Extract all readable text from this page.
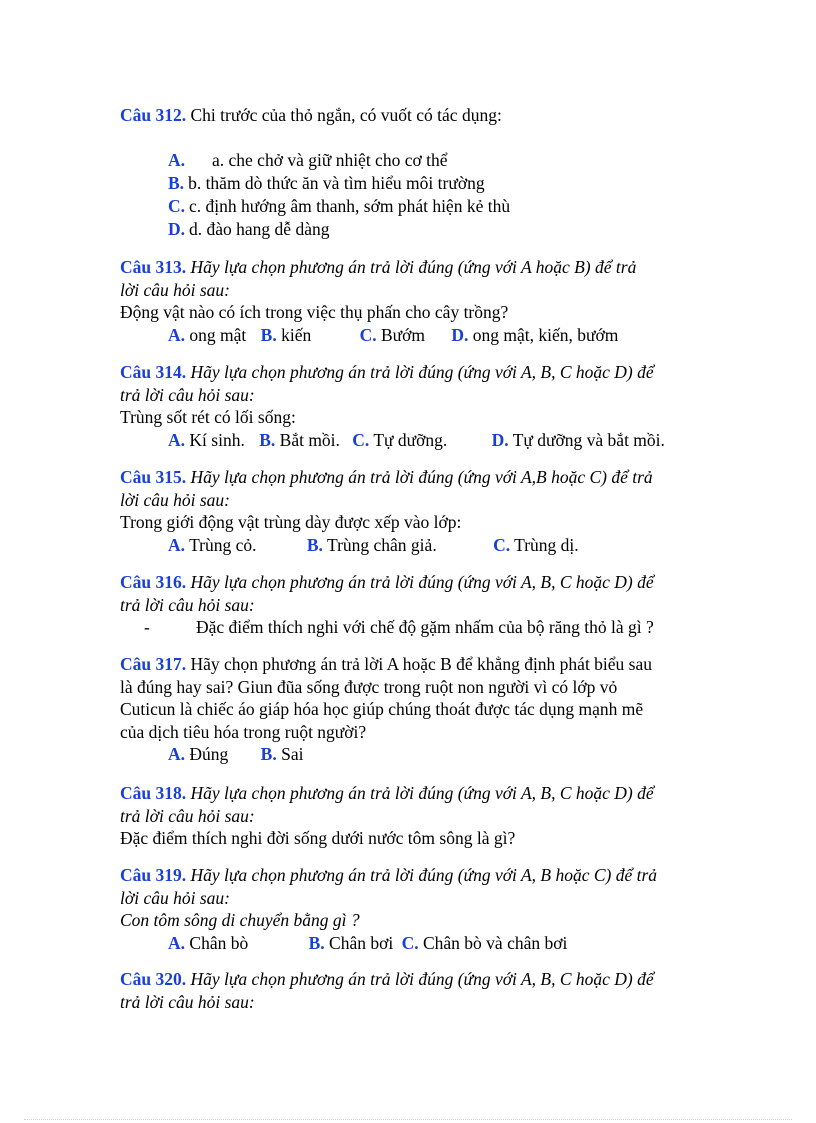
Câu 312. Chi trước của thỏ ngắn, có vuốt có tác dụng:
A. a. che chở và giữ nhiệt cho cơ thể
B. b. thăm dò thức ăn và tìm hiểu môi trường
C. c. định hướng âm thanh, sớm phát hiện kẻ thù
D. d. đào hang dễ dàng
Câu 313. Hãy lựa chọn phương án trả lời đúng (ứng với A hoặc B) để trả
lời câu hỏi sau:
Động vật nào có ích trong việc thụ phấn cho cây trồng?
A. ong mật B. kiến	C. Bướm D. ong mật, kiến, bướm
Câu 314. Hãy lựa chọn phương án trả lời đúng (ứng với A, B, C hoặc D) để
trả lời câu hỏi sau:
Trùng sốt rét có lối sống:
A. Kí sinh. B. Bắt mồi. C. Tự dưỡng.	D. Tự dưỡng và bắt mồi.
Câu 315. Hãy lựa chọn phương án trả lời đúng (ứng với A,B hoặc C) để trả
lời câu hỏi sau:
Trong giới động vật trùng dày được xếp vào lớp:
A. Trùng cỏ.	B. Trùng chân giả.	C. Trùng dị.
Câu 316. Hãy lựa chọn phương án trả lời đúng (ứng với A, B, C hoặc D) để
trả lời câu hỏi sau:
-	Đặc điểm thích nghi với chế độ gặm nhấm của bộ răng thỏ là gì ?
Câu 317. Hãy chọn phương án trả lời A hoặc B để khẳng định phát biểu sau
là đúng hay sai? Giun đũa sống được trong ruột non người vì có lớp vỏ
Cuticun là chiếc áo giáp hóa học giúp chúng thoát được tác dụng mạnh mẽ
của dịch tiêu hóa trong ruột người?
A. Đúng B. Sai
Câu 318. Hãy lựa chọn phương án trả lời đúng (ứng với A, B, C hoặc D) để
trả lời câu hỏi sau:
Đặc điểm thích nghi đời sống dưới nước tôm sông là gì?
Câu 319. Hãy lựa chọn phương án trả lời đúng (ứng với A, B hoặc C) để trả
lời câu hỏi sau:
Con tôm sông di chuyển bằng gì ?
A. Chân bò	B. Chân bơi C. Chân bò và chân bơi
Câu 320. Hãy lựa chọn phương án trả lời đúng (ứng với A, B, C hoặc D) để
trả lời câu hỏi sau:
